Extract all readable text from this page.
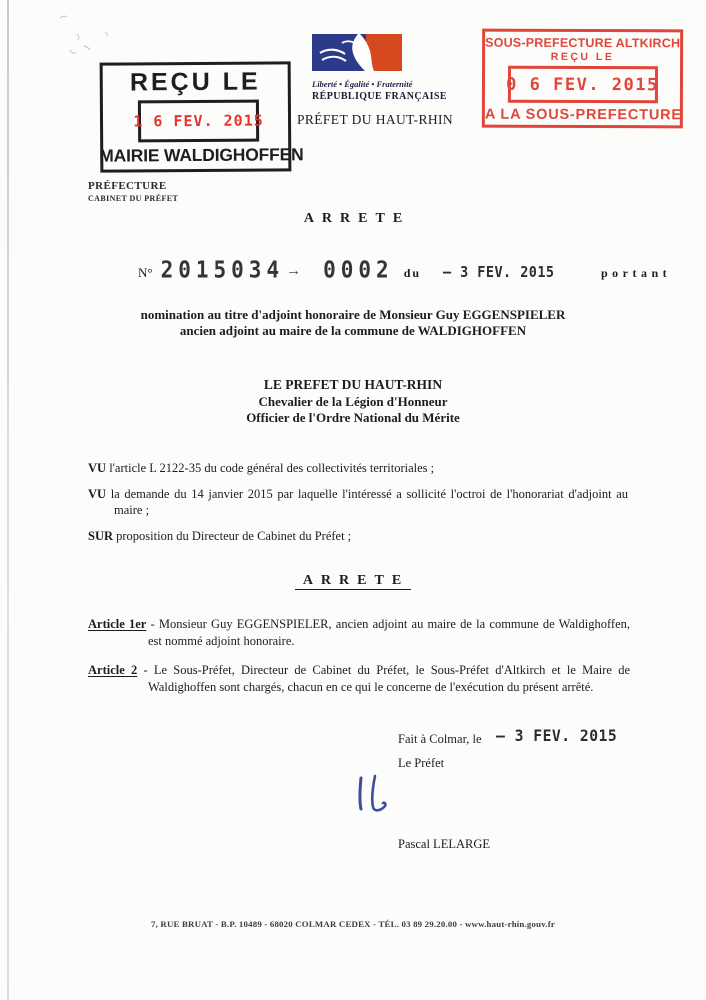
REÇU LE
1 6 FEV. 2015
MAIRIE WALDIGHOFFEN
PRÉFECTURE
CABINET DU PRÉFET
Liberté • Égalité • Fraternité
RÉPUBLIQUE FRANÇAISE
PRÉFET DU HAUT-RHIN
SOUS-PREFECTURE ALTKIRCH
REÇU LE
0 6 FEV. 2015
A LA SOUS-PREFECTURE
ARRETE
N° 2015034 → 0002 du – 3 FEV. 2015	portant
nomination au titre d'adjoint honoraire de Monsieur Guy EGGENSPIELER
ancien adjoint au maire de la commune de WALDIGHOFFEN
LE PREFET DU HAUT-RHIN
Chevalier de la Légion d'Honneur
Officier de l'Ordre National du Mérite

VU l'article L 2122-35 du code général des collectivités territoriales ;

VU la demande du 14 janvier 2015 par laquelle l'intéressé a sollicité l'octroi de l'honorariat d'adjoint au maire ;

SUR proposition du Directeur de Cabinet du Préfet ;

ARRETE

Article 1er - Monsieur Guy EGGENSPIELER, ancien adjoint au maire de la commune de Waldighoffen, est nommé adjoint honoraire.

Article 2 - Le Sous-Préfet, Directeur de Cabinet du Préfet, le Sous-Préfet d'Altkirch et le Maire de Waldighoffen sont chargés, chacun en ce qui le concerne de l'exécution du présent arrêté.

Fait à Colmar, le – 3 FEV. 2015
Le Préfet
Pascal LELARGE
7, RUE BRUAT - B.P. 10489 - 68020 COLMAR CEDEX - TÉL. 03 89 29.20.00 - www.haut-rhin.gouv.fr
